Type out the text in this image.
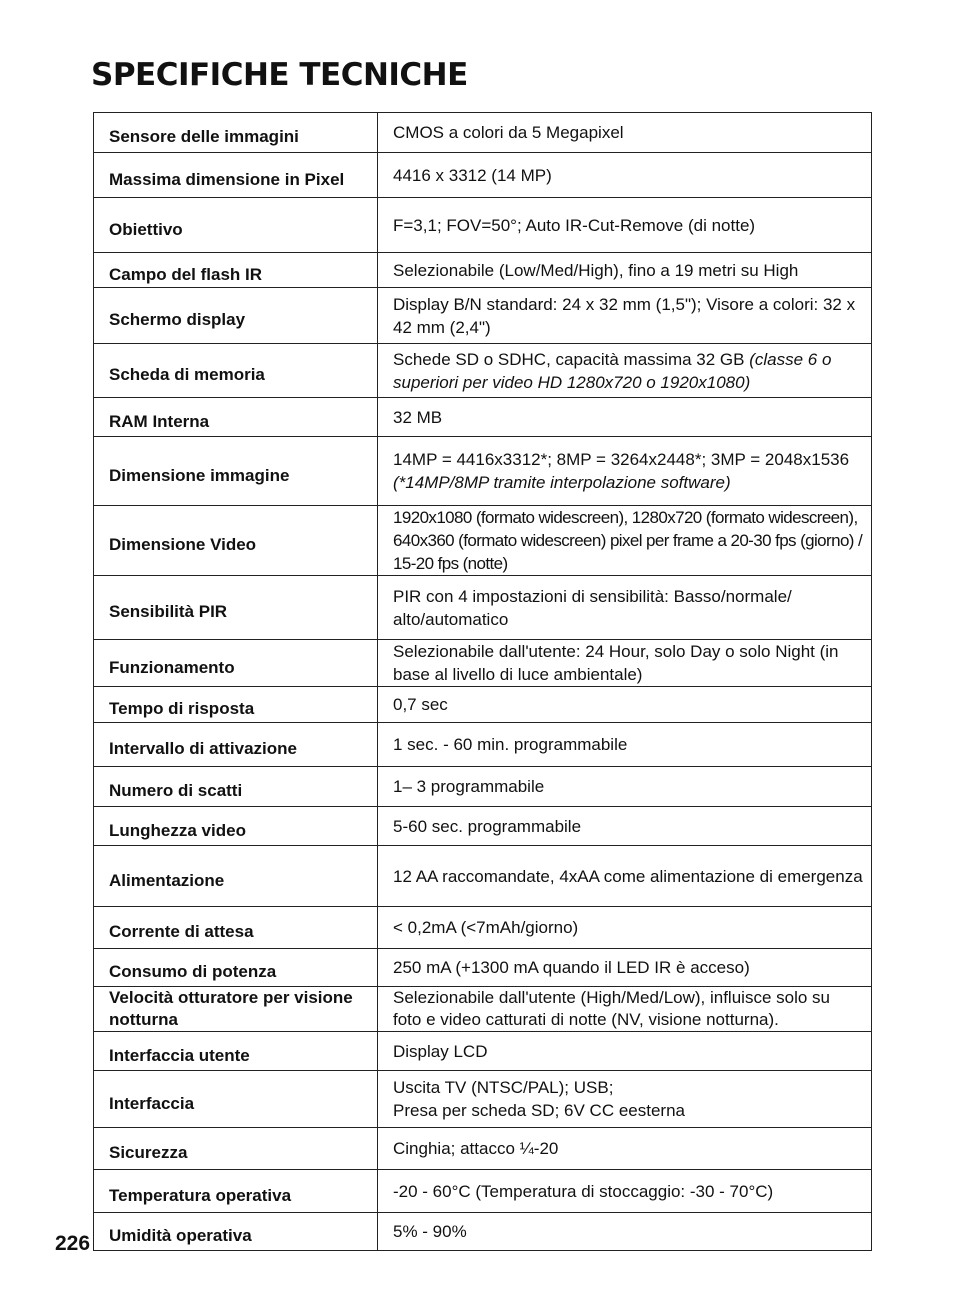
SPECIFICHE TECNICHE
Sensore delle immagini	CMOS a colori da 5 Megapixel
Massima dimensione in Pixel	4416 x 3312 (14 MP)
Obiettivo	F=3,1; FOV=50°; Auto IR-Cut-Remove (di notte)
Campo del flash IR	Selezionabile (Low/Med/High), fino a 19 metri su High
Schermo display	Display B/N standard: 24 x 32 mm (1,5"); Visore a colori: 32 x 42 mm (2,4")
Scheda di memoria	Schede SD o SDHC, capacità massima 32 GB (classe 6 o superiori per video HD 1280x720 o 1920x1080)
RAM Interna	32 MB
Dimensione immagine	14MP = 4416x3312*; 8MP = 3264x2448*; 3MP = 2048x1536 (*14MP/8MP tramite interpolazione software)
Dimensione Video	1920x1080 (formato widescreen), 1280x720 (formato widescreen), 640x360 (formato widescreen) pixel per frame a 20-30 fps (giorno) / 15-20 fps (notte)
Sensibilità PIR	PIR con 4 impostazioni di sensibilità: Basso/normale/ alto/automatico
Funzionamento	Selezionabile dall'utente: 24 Hour, solo Day o solo Night (in base al livello di luce ambientale)
Tempo di risposta	0,7 sec
Intervallo di attivazione	1 sec. - 60 min. programmabile
Numero di scatti	1– 3 programmabile
Lunghezza video	5-60 sec. programmabile
Alimentazione	12 AA raccomandate, 4xAA come alimentazione di emergenza
Corrente di attesa	< 0,2mA (<7mAh/giorno)
Consumo di potenza	250 mA (+1300 mA quando il LED IR è acceso)
Velocità otturatore per visione notturna	Selezionabile dall'utente (High/Med/Low), influisce solo su foto e video catturati di notte (NV, visione notturna).
Interfaccia utente	Display LCD
Interfaccia	Uscita TV (NTSC/PAL); USB;
Presa per scheda SD; 6V CC eesterna
Sicurezza	Cinghia; attacco ¼-20
Temperatura operativa	-20 - 60°C (Temperatura di stoccaggio: -30 - 70°C)
Umidità operativa	5% - 90%
226
